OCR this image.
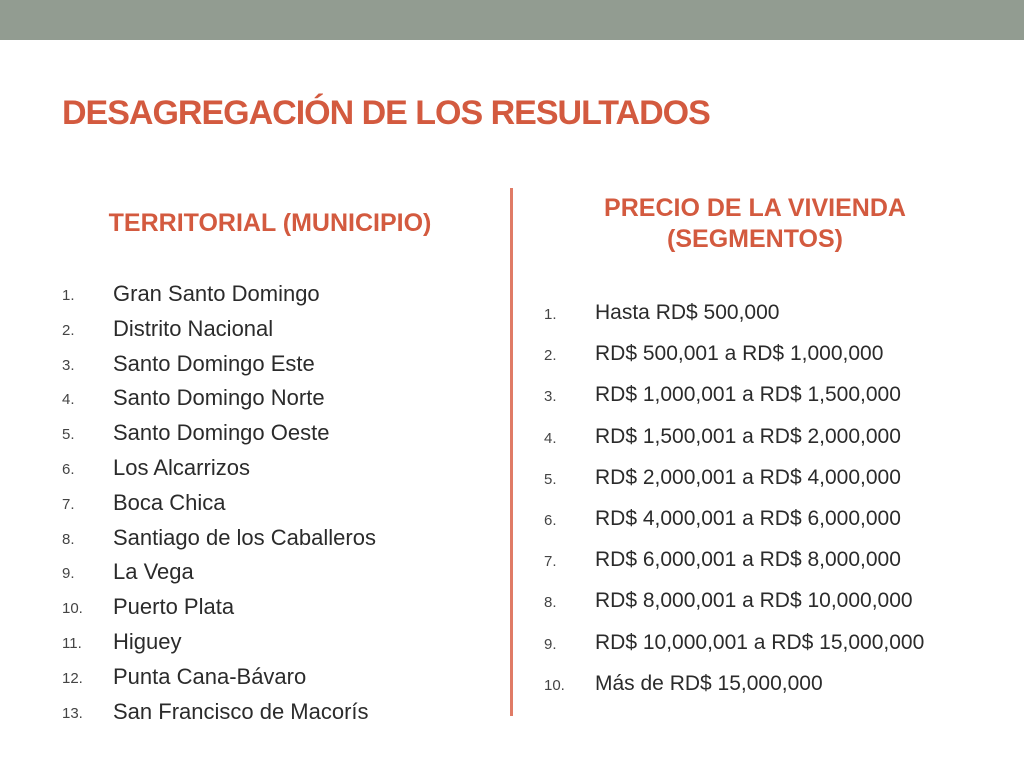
DESAGREGACIÓN DE LOS RESULTADOS
TERRITORIAL (MUNICIPIO)
PRECIO DE LA VIVIENDA
(SEGMENTOS)
1. Gran Santo Domingo
2. Distrito Nacional
3. Santo Domingo Este
4. Santo Domingo Norte
5. Santo Domingo Oeste
6. Los Alcarrizos
7. Boca Chica
8. Santiago de los Caballeros
9. La Vega
10. Puerto Plata
11. Higuey
12. Punta Cana-Bávaro
13. San Francisco de Macorís
1. Hasta RD$ 500,000
2. RD$ 500,001 a RD$ 1,000,000
3. RD$ 1,000,001 a RD$ 1,500,000
4. RD$ 1,500,001 a RD$ 2,000,000
5. RD$ 2,000,001 a RD$ 4,000,000
6. RD$ 4,000,001 a RD$ 6,000,000
7. RD$ 6,000,001 a RD$ 8,000,000
8. RD$ 8,000,001 a RD$ 10,000,000
9. RD$ 10,000,001 a RD$ 15,000,000
10. Más de RD$ 15,000,000
